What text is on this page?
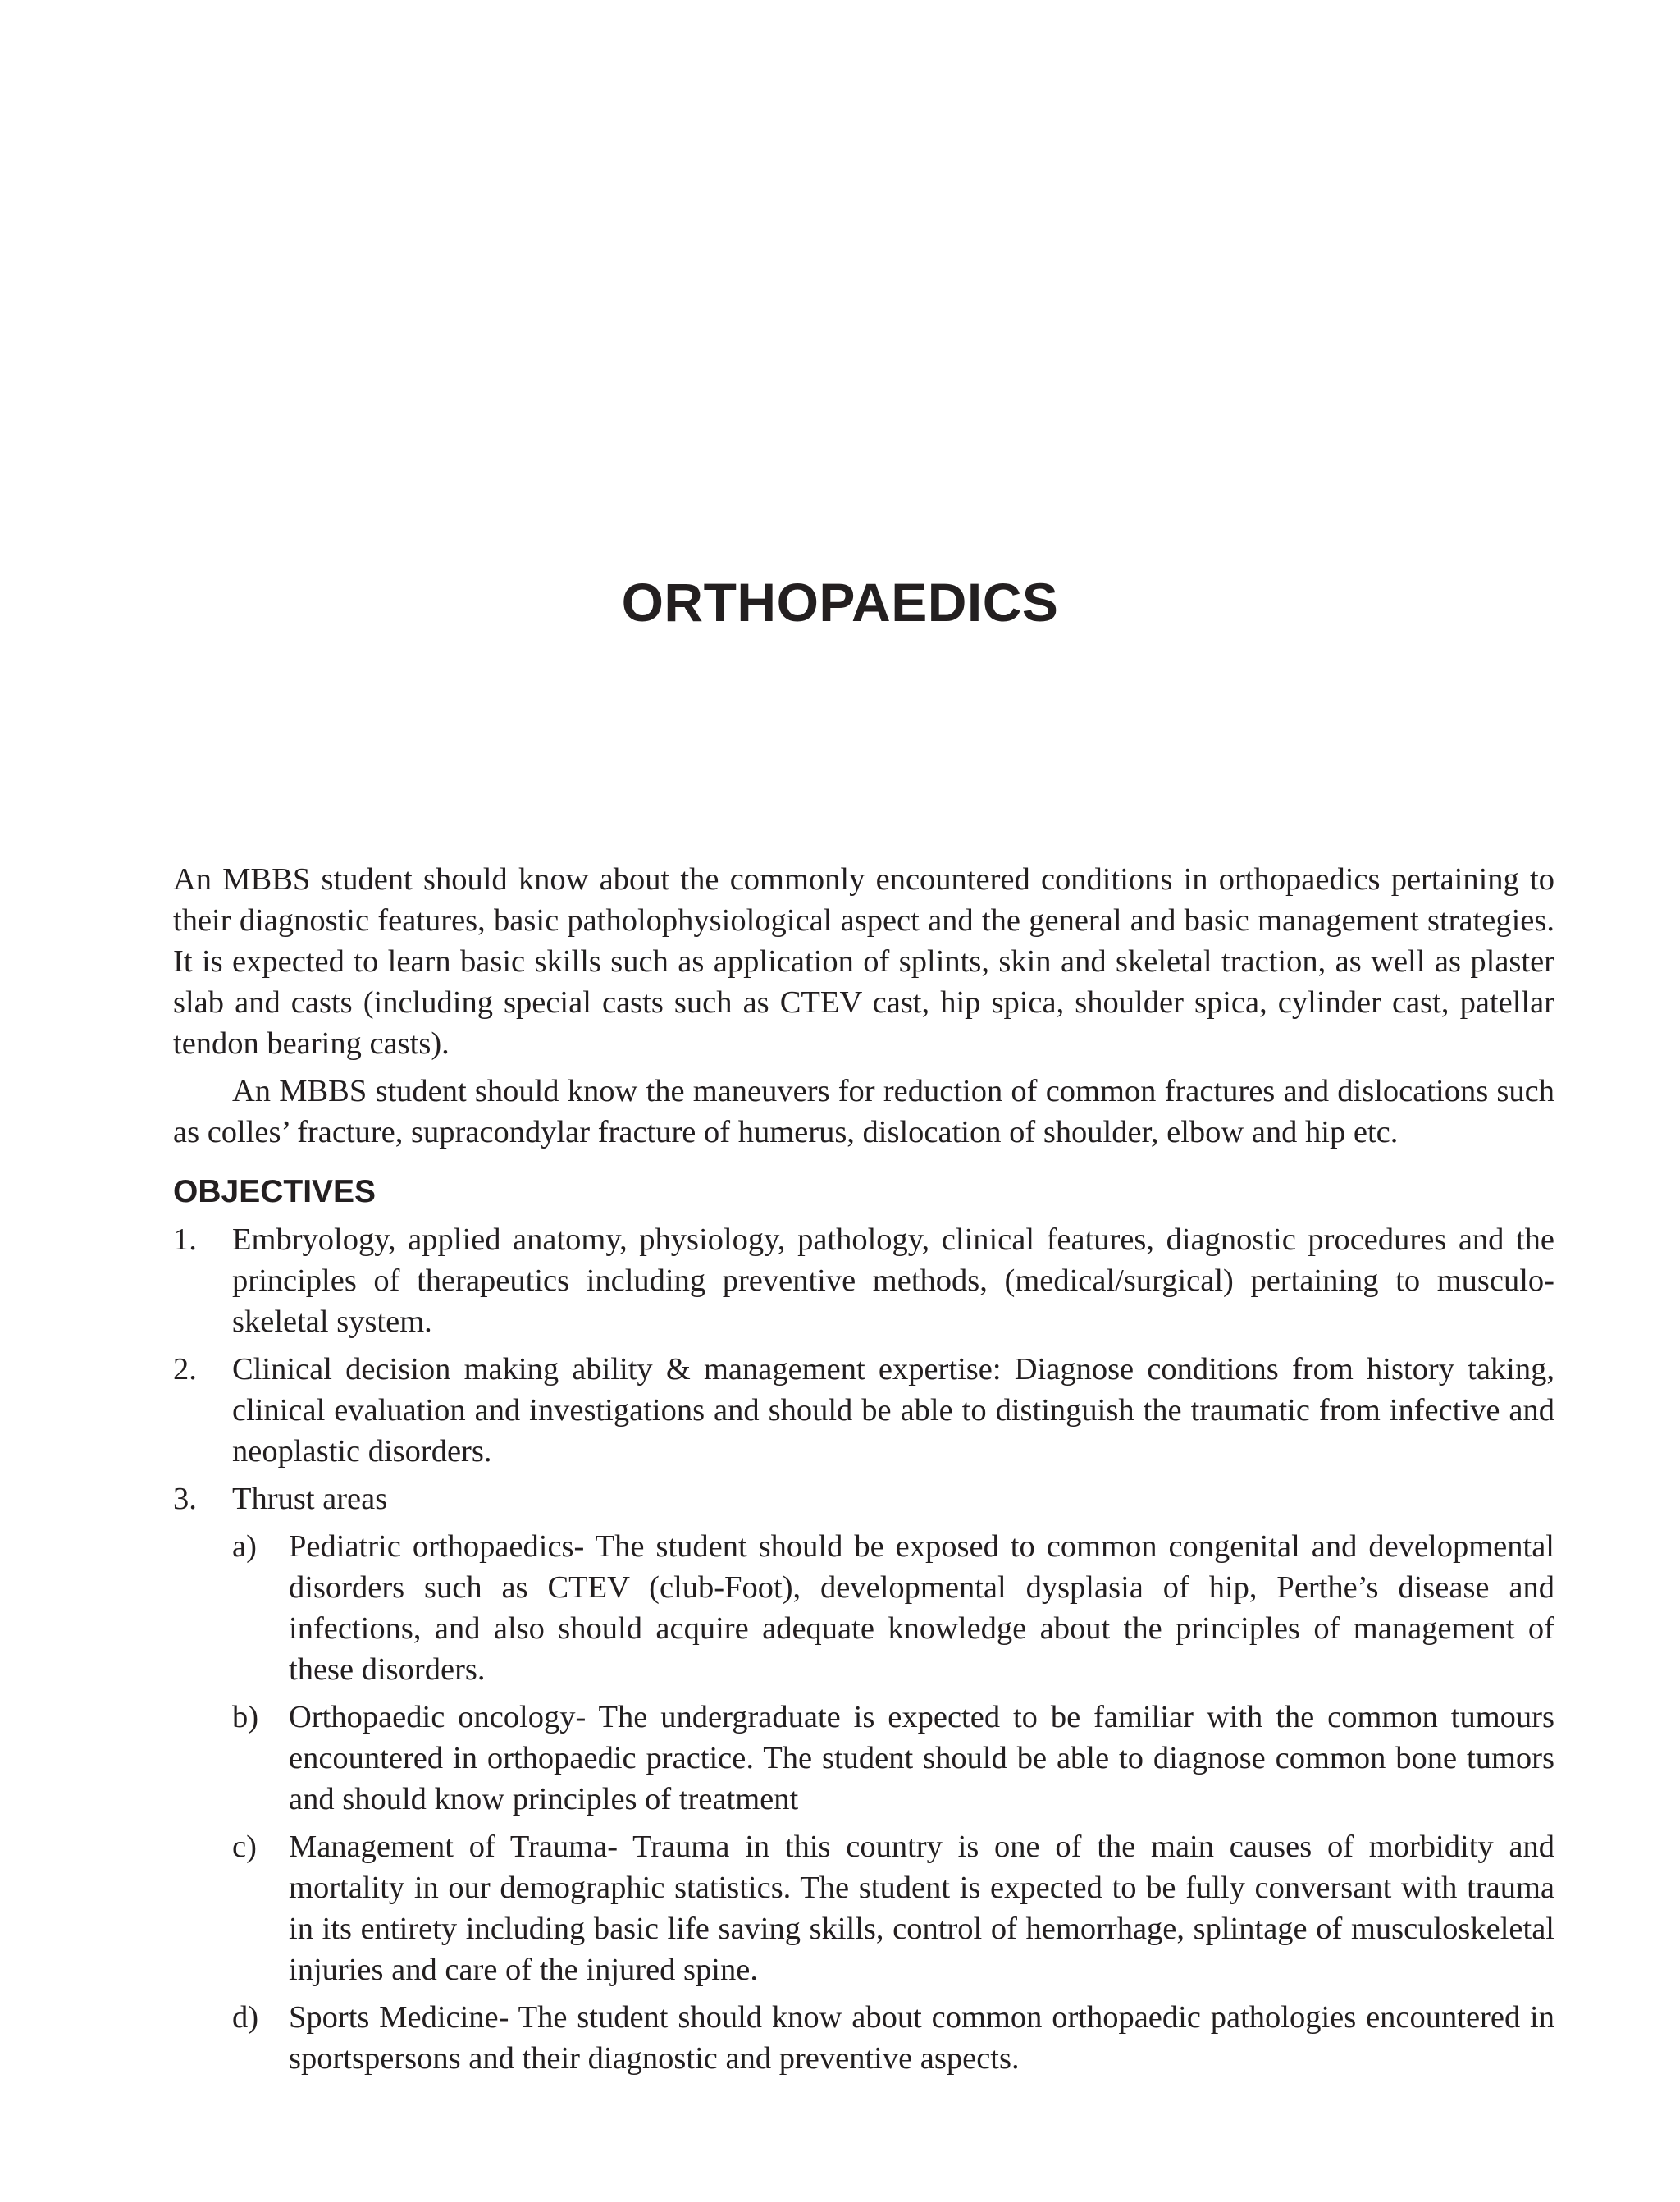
ORTHOPAEDICS

An MBBS student should know about the commonly encountered conditions in orthopaedics pertaining to their diagnostic features, basic patholophysiological aspect and the general and basic management strategies. It is expected to learn basic skills such as application of splints, skin and skeletal traction, as well as plaster slab and casts (including special casts such as CTEV cast, hip spica, shoulder spica, cylinder cast, patellar tendon bearing casts).

An MBBS student should know the maneuvers for reduction of common fractures and dislocations such as colles’ fracture, supracondylar fracture of humerus, dislocation of shoulder, elbow and hip etc.

OBJECTIVES
1.	Embryology, applied anatomy, physiology, pathology, clinical features, diagnostic procedures and the principles of therapeutics including preventive methods, (medical/surgical) pertaining to musculo-skeletal system.
2.	Clinical decision making ability & management expertise: Diagnose conditions from history taking, clinical evaluation and investigations and should be able to distinguish the traumatic from infective and neoplastic disorders.
3.	Thrust areas
a)	Pediatric orthopaedics- The student should be exposed to common congenital and developmental disorders such as CTEV (club-Foot), developmental dysplasia of hip, Perthe’s disease and infections, and also should acquire adequate knowledge about the principles of management of these disorders.
b) Orthopaedic oncology- The undergraduate is expected to be familiar with the common tumours encountered in orthopaedic practice. The student should be able to diagnose common bone tumors and should know principles of treatment
c)	Management of Trauma- Trauma in this country is one of the main causes of morbidity and mortality in our demographic statistics. The student is expected to be fully conversant with trauma in its entirety including basic life saving skills, control of hemorrhage, splintage of musculoskeletal injuries and care of the injured spine.
d) Sports Medicine- The student should know about common orthopaedic pathologies encountered in sportspersons and their diagnostic and preventive aspects.
